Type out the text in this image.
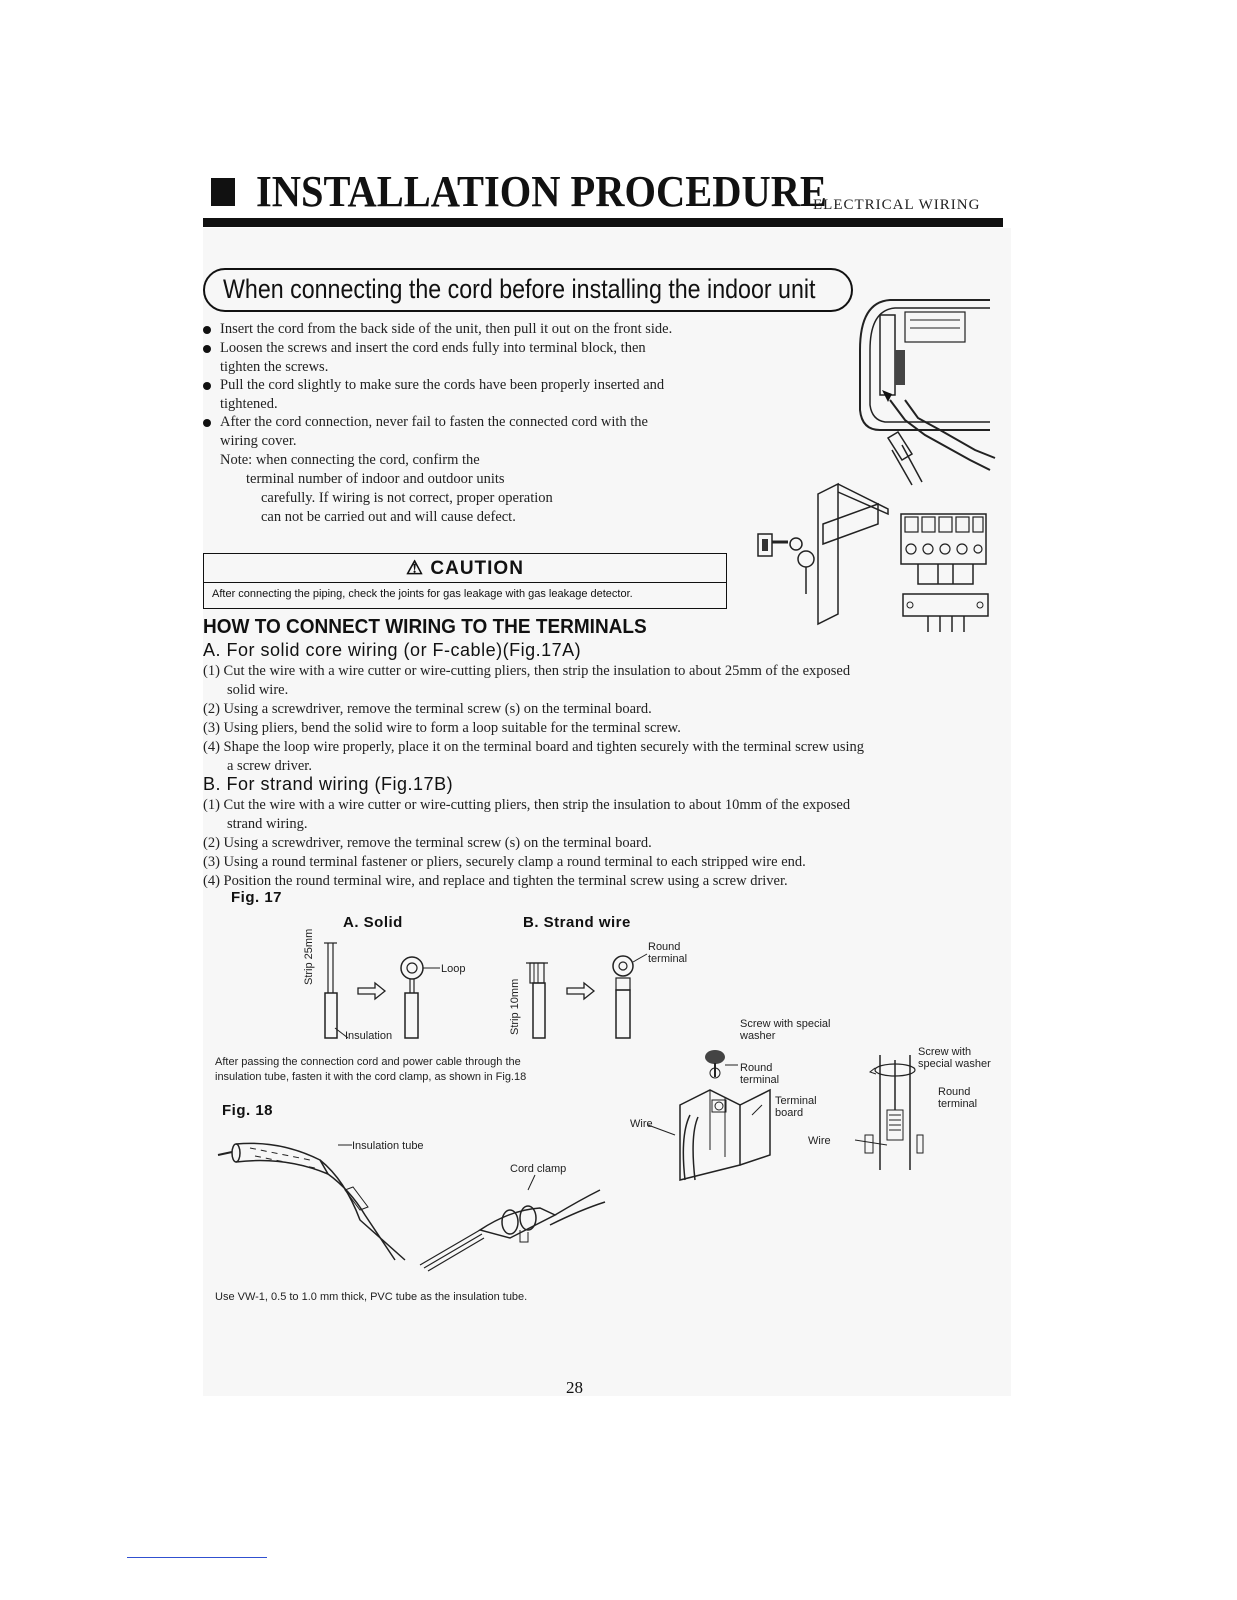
INSTALLATION PROCEDURE
ELECTRICAL WIRING
When connecting the cord before installing the indoor unit
Insert the cord from the back side of the unit, then pull it out on the front side.
Loosen the screws and insert the cord ends fully into terminal block, then
tighten the screws.
Pull the cord slightly to make sure the cords have been properly inserted and
tightened.
After the cord connection, never fail to fasten the connected cord with the
wiring cover.
Note: when connecting the cord, confirm the
terminal number of indoor and outdoor units
carefully. If wiring is not correct, proper operation
can not be carried out and will cause defect.
⚠ CAUTION
After connecting the piping, check the joints for gas leakage with gas leakage detector.
HOW TO CONNECT WIRING TO THE TERMINALS
A. For solid core wiring (or F-cable)(Fig.17A)
(1) Cut the wire with a wire cutter or wire-cutting pliers, then strip the insulation to about 25mm of the exposed
solid wire.
(2) Using a screwdriver, remove the terminal screw (s) on the terminal board.
(3) Using pliers, bend the solid wire to form a loop suitable for the terminal screw.
(4) Shape the loop wire properly, place it on the terminal board and tighten securely with the terminal screw using
a screw driver.
B. For strand wiring (Fig.17B)
(1) Cut the wire with a wire cutter or wire-cutting pliers, then strip the insulation to about 10mm of the exposed
strand wiring.
(2) Using a screwdriver, remove the terminal screw (s) on the terminal board.
(3) Using a round terminal fastener or pliers, securely clamp a round terminal to each stripped wire end.
(4) Position the round terminal wire, and replace and tighten the terminal screw using a screw driver.
Fig. 17
A. Solid	B. Strand wire
Strip 25mm	Loop
Insulation
Strip 10mm
Round terminal
After passing the connection cord and power cable through the
insulation tube, fasten it with the cord clamp, as shown in Fig.18
Fig. 18
Insulation tube
Cord clamp
Use VW-1, 0.5 to 1.0 mm thick, PVC tube as the insulation tube.
Screw with special washer
Round terminal
Terminal board
Wire
Screw with special washer
Round terminal
Wire
28
